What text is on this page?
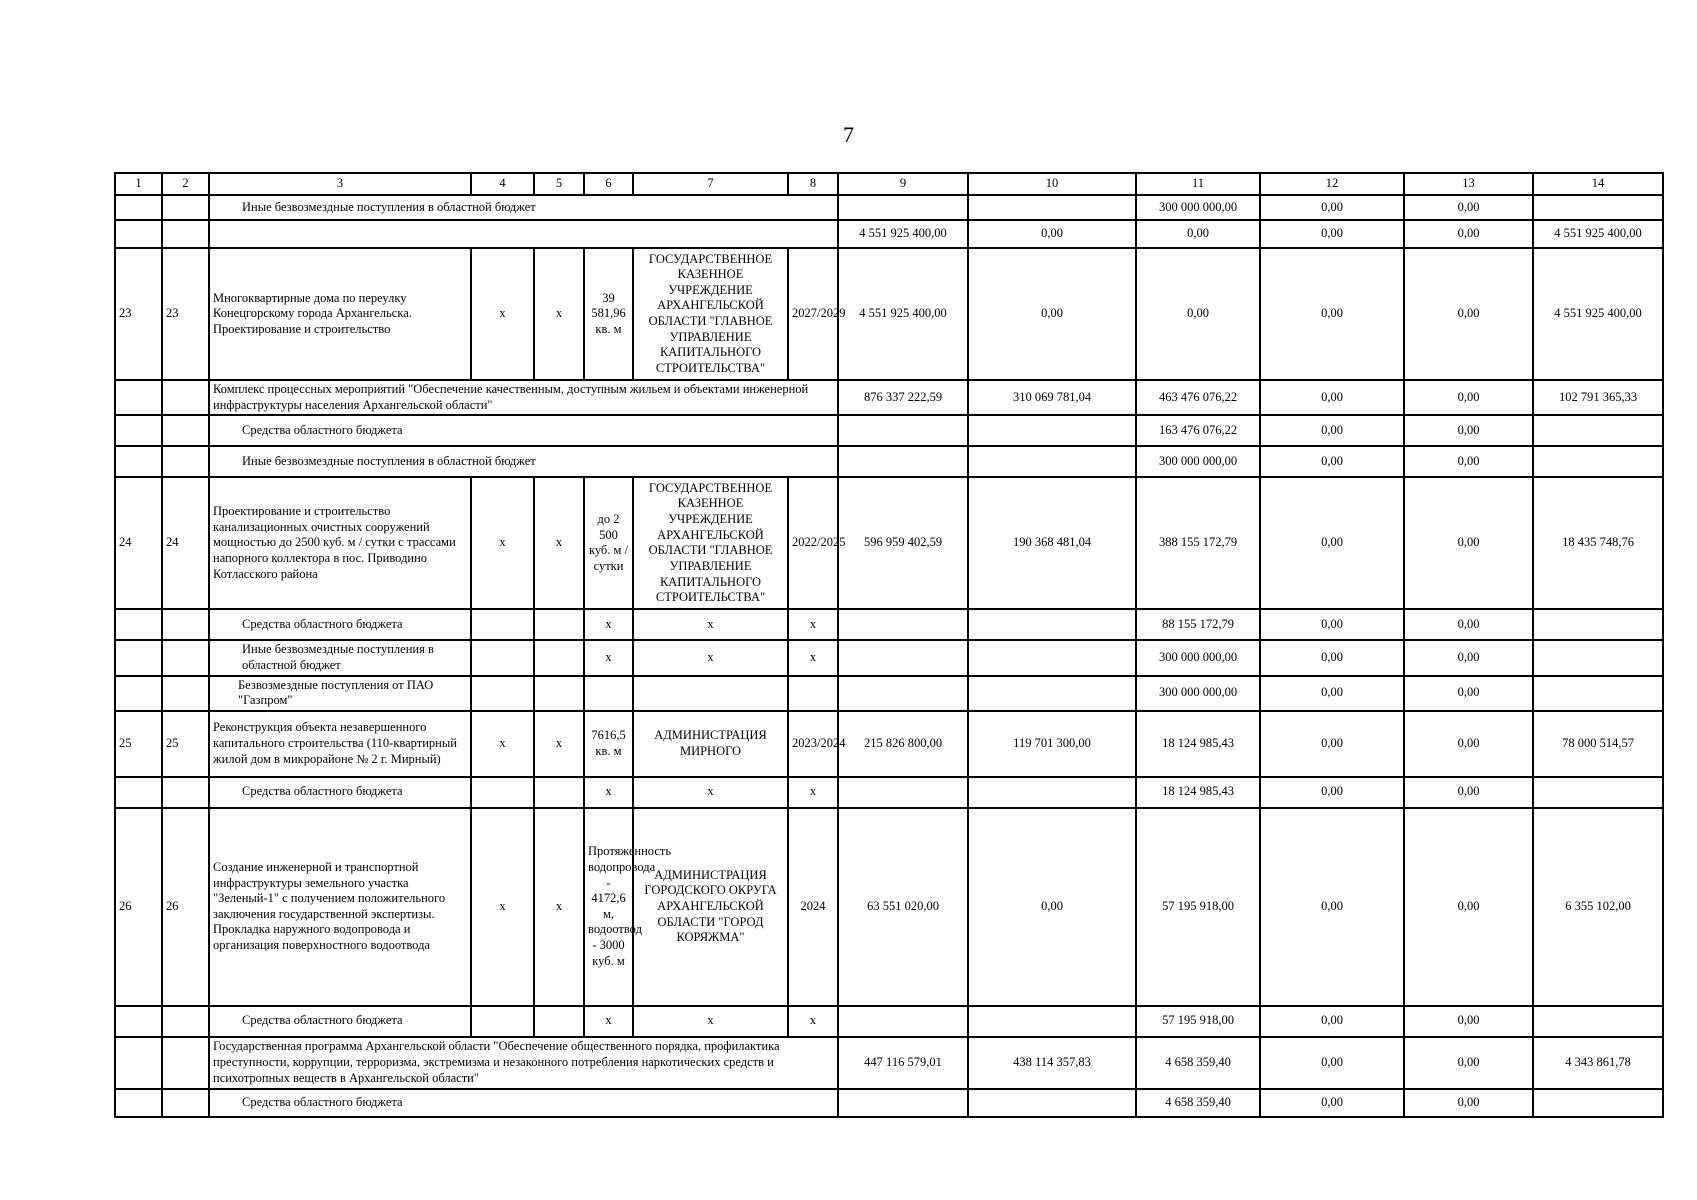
7
1	2	3	4	5	6	7	8	9	10	11	12	13	14
		Иные безвозмездные поступления в областной бюджет								300 000 000,00	0,00	0,00	
								4 551 925 400,00	0,00	0,00	0,00	0,00	4 551 925 400,00
23	23	Многоквартирные дома по переулку Конецгорскому города Архангельска. Проектирование и строительство	x	x	39 581,96 кв. м	ГОСУДАРСТВЕННОЕ КАЗЕННОЕ УЧРЕЖДЕНИЕ АРХАНГЕЛЬСКОЙ ОБЛАСТИ "ГЛАВНОЕ УПРАВЛЕНИЕ КАПИТАЛЬНОГО СТРОИТЕЛЬСТВА"	2027/2029	4 551 925 400,00	0,00	0,00	0,00	0,00	4 551 925 400,00
		Комплекс процессных мероприятий "Обеспечение качественным, доступным жильем и объектами инженерной инфраструктуры населения Архангельской области"						876 337 222,59	310 069 781,04	463 476 076,22	0,00	0,00	102 791 365,33
		Средства областного бюджета								163 476 076,22	0,00	0,00	
		Иные безвозмездные поступления в областной бюджет								300 000 000,00	0,00	0,00	
24	24	Проектирование и строительство канализационных очистных сооружений мощностью до 2500 куб. м / сутки с трассами напорного коллектора в пос. Приводино Котласского района	x	x	до 2 500 куб. м / сутки	ГОСУДАРСТВЕННОЕ КАЗЕННОЕ УЧРЕЖДЕНИЕ АРХАНГЕЛЬСКОЙ ОБЛАСТИ "ГЛАВНОЕ УПРАВЛЕНИЕ КАПИТАЛЬНОГО СТРОИТЕЛЬСТВА"	2022/2025	596 959 402,59	190 368 481,04	388 155 172,79	0,00	0,00	18 435 748,76
		Средства областного бюджета			x	x	x			88 155 172,79	0,00	0,00	
		Иные безвозмездные поступления в областной бюджет			x	x	x			300 000 000,00	0,00	0,00	
		Безвозмездные поступления от ПАО "Газпром"								300 000 000,00	0,00	0,00	
25	25	Реконструкция объекта незавершенного капитального строительства (110-квартирный жилой дом в микрорайоне № 2 г. Мирный)	x	x	7616,5 кв. м	АДМИНИСТРАЦИЯ МИРНОГО	2023/2024	215 826 800,00	119 701 300,00	18 124 985,43	0,00	0,00	78 000 514,57
		Средства областного бюджета			x	x	x			18 124 985,43	0,00	0,00	
26	26	Создание инженерной и транспортной инфраструктуры земельного участка "Зеленый-1" с получением положительного заключения государственной экспертизы. Прокладка наружного водопровода и организация поверхностного водоотвода	x	x	Протяженность водопровода - 4172,6 м, водоотвод - 3000 куб. м	АДМИНИСТРАЦИЯ ГОРОДСКОГО ОКРУГА АРХАНГЕЛЬСКОЙ ОБЛАСТИ "ГОРОД КОРЯЖМА"	2024	63 551 020,00	0,00	57 195 918,00	0,00	0,00	6 355 102,00
		Средства областного бюджета			x	x	x			57 195 918,00	0,00	0,00	
		Государственная программа Архангельской области "Обеспечение общественного порядка, профилактика преступности, коррупции, терроризма, экстремизма и незаконного потребления наркотических средств и психотропных веществ в Архангельской области"						447 116 579,01	438 114 357,83	4 658 359,40	0,00	0,00	4 343 861,78
		Средства областного бюджета								4 658 359,40	0,00	0,00	
